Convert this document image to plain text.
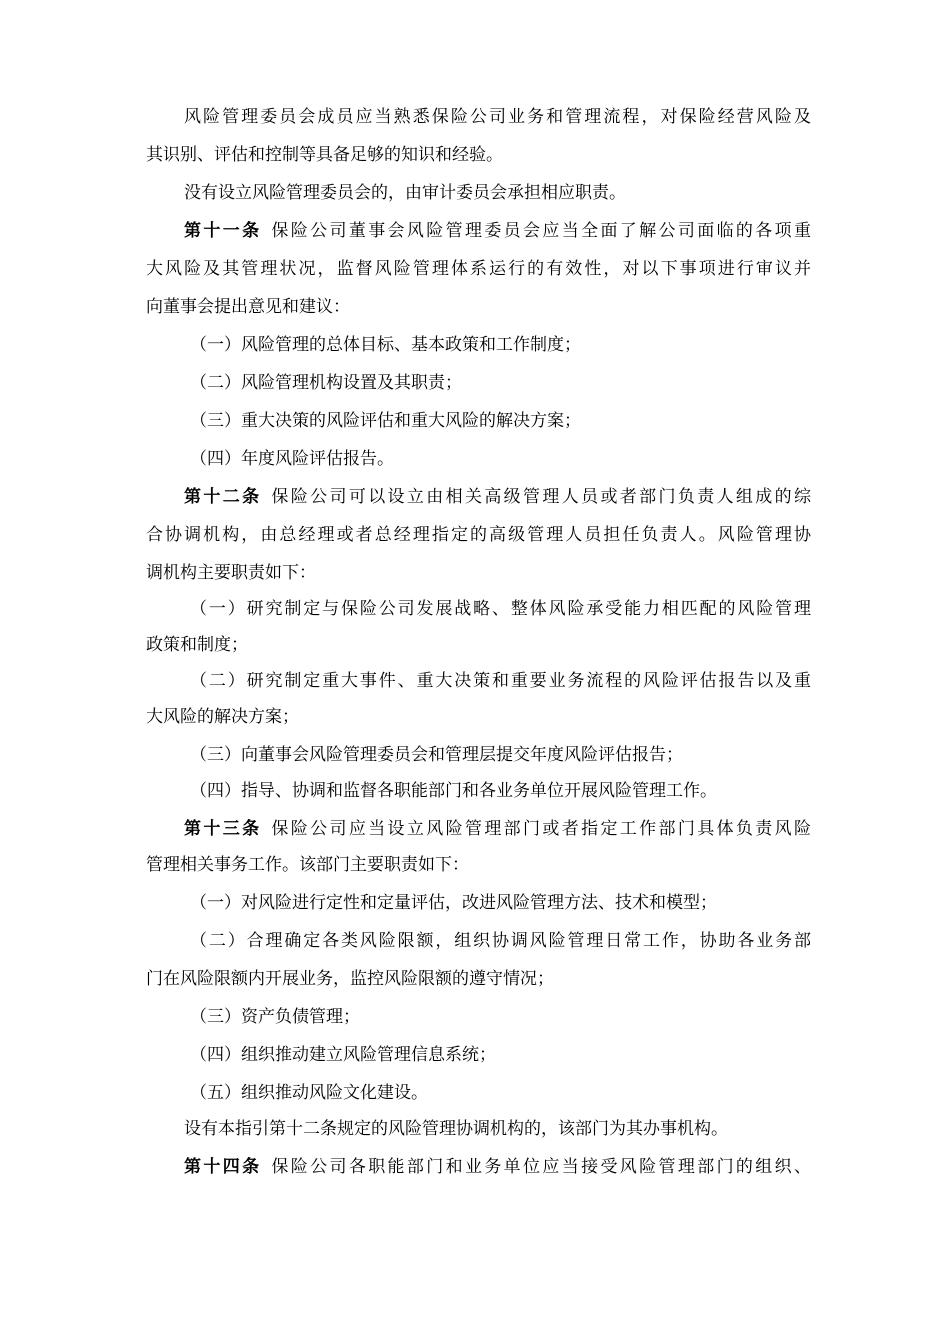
风险管理委员会成员应当熟悉保险公司业务和管理流程，对保险经营风险及
其识别、评估和控制等具备足够的知识和经验。
没有设立风险管理委员会的，由审计委员会承担相应职责。
第十一条 保险公司董事会风险管理委员会应当全面了解公司面临的各项重
大风险及其管理状况，监督风险管理体系运行的有效性，对以下事项进行审议并
向董事会提出意见和建议：
（一）风险管理的总体目标、基本政策和工作制度；
（二）风险管理机构设置及其职责；
（三）重大决策的风险评估和重大风险的解决方案；
（四）年度风险评估报告。
第十二条 保险公司可以设立由相关高级管理人员或者部门负责人组成的综
合协调机构，由总经理或者总经理指定的高级管理人员担任负责人。风险管理协
调机构主要职责如下：
（一）研究制定与保险公司发展战略、整体风险承受能力相匹配的风险管理
政策和制度；
（二）研究制定重大事件、重大决策和重要业务流程的风险评估报告以及重
大风险的解决方案；
（三）向董事会风险管理委员会和管理层提交年度风险评估报告；
（四）指导、协调和监督各职能部门和各业务单位开展风险管理工作。
第十三条 保险公司应当设立风险管理部门或者指定工作部门具体负责风险
管理相关事务工作。该部门主要职责如下：
（一）对风险进行定性和定量评估，改进风险管理方法、技术和模型；
（二）合理确定各类风险限额，组织协调风险管理日常工作，协助各业务部
门在风险限额内开展业务，监控风险限额的遵守情况；
（三）资产负债管理；
（四）组织推动建立风险管理信息系统；
（五）组织推动风险文化建设。
设有本指引第十二条规定的风险管理协调机构的，该部门为其办事机构。
第十四条 保险公司各职能部门和业务单位应当接受风险管理部门的组织、
